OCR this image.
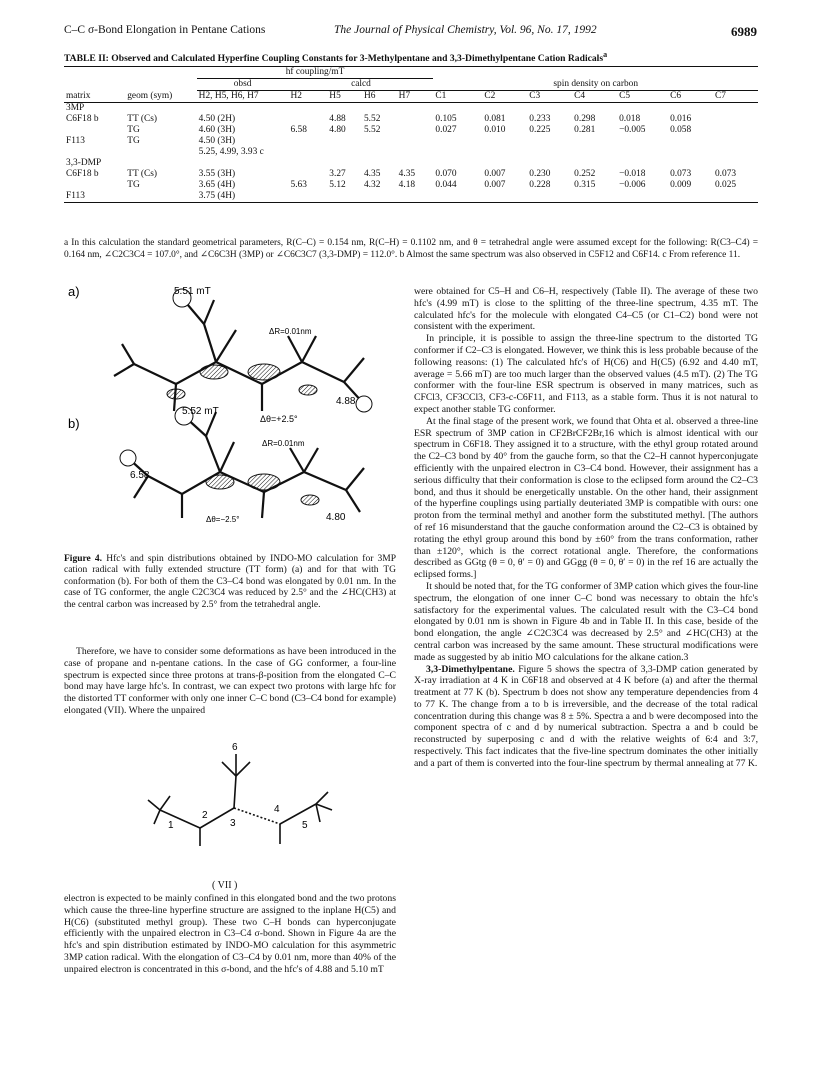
C–C σ-Bond Elongation in Pentane Cations	The Journal of Physical Chemistry, Vol. 96, No. 17, 1992	6989
TABLE II: Observed and Calculated Hyperfine Coupling Constants for 3-Methylpentane and 3,3-Dimethylpentane Cation Radicals$^a$
		hf coupling/mT											
		obsd	calcd				spin density on carbon						
matrix	geom (sym)	H2, H5, H6, H7	H2	H5	H6	H7	C1	C2	C3	C4	C5	C6	C7
3MP													
C6F18 b	TT (Cs)	4.50 (2H)		4.88	5.52		0.105	0.081	0.233	0.298	0.018	0.016	
	TG	4.60 (3H)	6.58	4.80	5.52		0.027	0.010	0.225	0.281	−0.005	0.058	
F113	TG	4.50 (3H)											
		5.25, 4.99, 3.93 c											
3,3-DMP													
C6F18 b	TT (Cs)	3.55 (3H)		3.27	4.35	4.35	0.070	0.007	0.230	0.252	−0.018	0.073	0.073
	TG	3.65 (4H)	5.63	5.12	4.32	4.18	0.044	0.007	0.228	0.315	−0.006	0.009	0.025
F113		3.75 (4H)											
a In this calculation the standard geometrical parameters, R(C–C) = 0.154 nm, R(C–H) = 0.1102 nm, and θ = tetrahedral angle were assumed except for the following: R(C3–C4) = 0.164 nm, ∠C2C3C4 = 107.0°, and ∠C6C3H (3MP) or ∠C6C3C7 (3,3-DMP) = 112.0°. b Almost the same spectrum was also observed in C5F12 and C6F14. c From reference 11.
a)	5.51 mT
ΔR=0.01nm
4.88
b)
5.52 mT
Δθ=+2.5°
ΔR=0.01nm
6.58
Δθ=−2.5°	4.80
Figure 4. Hfc's and spin distributions obtained by INDO-MO calculation for 3MP cation radical with fully extended structure (TT form) (a) and for that with TG conformation (b). For both of them the C3–C4 bond was elongated by 0.01 nm. In the case of TG conformer, the angle C2C3C4 was reduced by 2.5° and the ∠HC(CH3) at the central carbon was increased by 2.5° from the tetrahedral angle.

Therefore, we have to consider some deformations as have been introduced in the case of propane and n-pentane cations. In the case of GG conformer, a four-line spectrum is expected since three protons at trans-β-position from the elongated C–C bond may have large hfc's. In contrast, we can expect two protons with large hfc for the distorted TT conformer with only one inner C–C bond (C3–C4 bond for example) elongated (VII). Where the unpaired

1
2
3
4
5
6
( VII )

electron is expected to be mainly confined in this elongated bond and the two protons which cause the three-line hyperfine structure are assigned to the inplane H(C5) and H(C6) (substituted methyl group). These two C–H bonds can hyperconjugate efficiently with the unpaired electron in C3–C4 σ-bond. Shown in Figure 4a are the hfc's and spin distribution estimated by INDO-MO calculation for this asymmetric 3MP cation radical. With the elongation of C3–C4 by 0.01 nm, more than 40% of the unpaired electron is concentrated in this σ-bond, and the hfc's of 4.88 and 5.10 mT

were obtained for C5–H and C6–H, respectively (Table II). The average of these two hfc's (4.99 mT) is close to the splitting of the three-line spectrum, 4.35 mT. The calculated hfc's for the molecule with elongated C4–C5 (or C1–C2) bond were not consistent with the experiment.

In principle, it is possible to assign the three-line spectrum to the distorted TG conformer if C2–C3 is elongated. However, we think this is less probable because of the following reasons: (1) The calculated hfc's of H(C6) and H(C5) (6.92 and 4.40 mT, average = 5.66 mT) are too much larger than the observed values (4.5 mT). (2) The TG conformer with the four-line ESR spectrum is observed in many matrices, such as CFCl3, CF3CCl3, CF3-c-C6F11, and F113, as a stable form. Thus it is not natural to expect another stable TG conformer.

At the final stage of the present work, we found that Ohta et al. observed a three-line ESR spectrum of 3MP cation in CF2BrCF2Br,16 which is almost identical with our spectrum in C6F18. They assigned it to a structure, with the ethyl group rotated around the C2–C3 bond by 40° from the gauche form, so that the C2–H cannot hyperconjugate efficiently with the unpaired electron in C3–C4 bond. However, their assignment has a serious difficulty that their conformation is close to the eclipsed form around the C2–C3 bond, and thus it should be energetically unstable. On the other hand, their assignment of the hyperfine couplings using partially deuteriated 3MP is compatible with ours: one proton from the terminal methyl and another form the substituted methyl. [The authors of ref 16 misunderstand that the gauche conformation around the C2–C3 is obtained by rotating the ethyl group around this bond by ±60° from the trans conformation, rather than ±120°, which is the correct rotational angle. Therefore, the conformations described as GGtg (θ = 0, θ′ = 0) and GGgg (θ = 0, θ′ = 0) in the ref 16 are actually the eclipsed forms.]

It should be noted that, for the TG conformer of 3MP cation which gives the four-line spectrum, the elongation of one inner C–C bond was necessary to obtain the hfc's satisfactory for the experimental values. The calculated result with the C3–C4 bond elongated by 0.01 nm is shown in Figure 4b and in Table II. In this case, beside of the bond elongation, the angle ∠C2C3C4 was decreased by 2.5° and ∠HC(CH3) at the central carbon was increased by the same amount. These structural modifications were made as suggested by ab initio MO calculations for the alkane cation.3

3,3-Dimethylpentane. Figure 5 shows the spectra of 3,3-DMP cation generated by X-ray irradiation at 4 K in C6F18 and observed at 4 K before (a) and after the thermal treatment at 77 K (b). Spectrum b does not show any temperature dependencies from 4 to 77 K. The change from a to b is irreversible, and the decrease of the total radical concentration during this change was 8 ± 5%. Spectra a and b were decomposed into the component spectra of c and d by numerical subtraction. Spectra a and b could be reconstructed by superposing c and d with the relative weights of 6:4 and 3:7, respectively. This fact indicates that the five-line spectrum dominates the other initially and a part of them is converted into the four-line spectrum by thermal annealing at 77 K.
